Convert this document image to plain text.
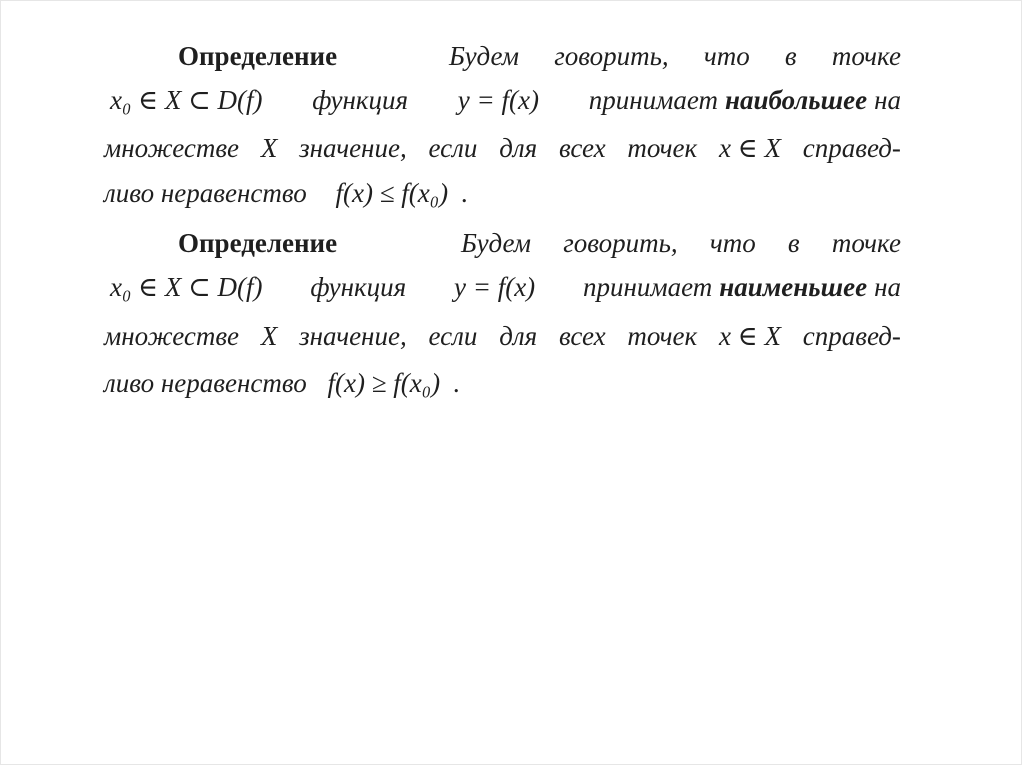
Определение	Будем говорить, что в точке
x₀ ∈ X ⊂ D(f) функция y = f(x) принимает наибольшее на
множестве X значение, если для всех точек x ∈ X справед-
ливо неравенство f(x) ≤ f(x₀) .
Определение	Будем говорить, что в точке
x₀ ∈ X ⊂ D(f) функция y = f(x) принимает наименьшее на
множестве X значение, если для всех точек x ∈ X справед-
ливо неравенство f(x) ≥ f(x₀) .
